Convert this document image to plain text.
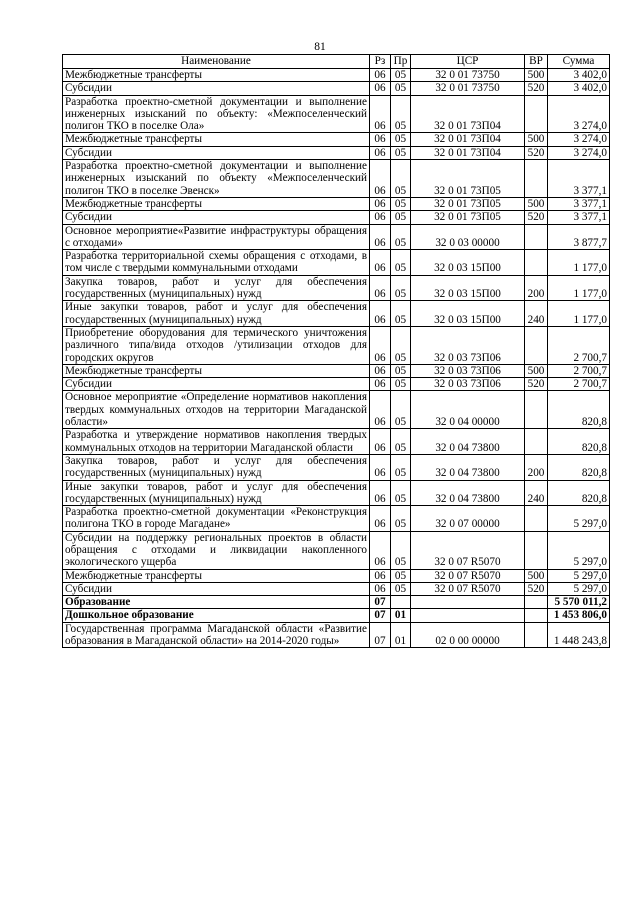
81
Наименование	Рз	Пр	ЦСР	ВР	Сумма
Межбюджетные трансферты	06	05	32 0 01 73750	500	3 402,0
Субсидии	06	05	32 0 01 73750	520	3 402,0
Разработка проектно-сметной документации и выполнение инженерных изысканий по объекту: «Межпоселенческий полигон ТКО в поселке Ола»	06	05	32 0 01 73П04		3 274,0
Межбюджетные трансферты	06	05	32 0 01 73П04	500	3 274,0
Субсидии	06	05	32 0 01 73П04	520	3 274,0
Разработка проектно-сметной документации и выполнение инженерных изысканий по объекту «Межпоселенческий полигон ТКО в поселке Эвенск»	06	05	32 0 01 73П05		3 377,1
Межбюджетные трансферты	06	05	32 0 01 73П05	500	3 377,1
Субсидии	06	05	32 0 01 73П05	520	3 377,1
Основное мероприятие«Развитие инфраструктуры обращения с отходами»	06	05	32 0 03 00000		3 877,7
Разработка территориальной схемы обращения с отходами, в том числе с твердыми коммунальными отходами	06	05	32 0 03 15П00		1 177,0
Закупка товаров, работ и услуг для обеспечения государственных (муниципальных) нужд	06	05	32 0 03 15П00	200	1 177,0
Иные закупки товаров, работ и услуг для обеспечения государственных (муниципальных) нужд	06	05	32 0 03 15П00	240	1 177,0
Приобретение оборудования для термического уничтожения различного типа/вида отходов /утилизации отходов для городских округов	06	05	32 0 03 73П06		2 700,7
Межбюджетные трансферты	06	05	32 0 03 73П06	500	2 700,7
Субсидии	06	05	32 0 03 73П06	520	2 700,7
Основное мероприятие «Определение нормативов накопления твердых коммунальных отходов на территории Магаданской области»	06	05	32 0 04 00000		820,8
Разработка и утверждение нормативов накопления твердых коммунальных отходов на территории Магаданской области	06	05	32 0 04 73800		820,8
Закупка товаров, работ и услуг для обеспечения государственных (муниципальных) нужд	06	05	32 0 04 73800	200	820,8
Иные закупки товаров, работ и услуг для обеспечения государственных (муниципальных) нужд	06	05	32 0 04 73800	240	820,8
Разработка проектно-сметной документации «Реконструкция полигона ТКО в городе Магадане»	06	05	32 0 07 00000		5 297,0
Субсидии на поддержку региональных проектов в области обращения с отходами и ликвидации накопленного экологического ущерба	06	05	32 0 07 R5070		5 297,0
Межбюджетные трансферты	06	05	32 0 07 R5070	500	5 297,0
Субсидии	06	05	32 0 07 R5070	520	5 297,0
Образование	07				5 570 011,2
Дошкольное образование	07	01			1 453 806,0
Государственная программа Магаданской области «Развитие образования в Магаданской области» на 2014-2020 годы»	07	01	02 0 00 00000		1 448 243,8
